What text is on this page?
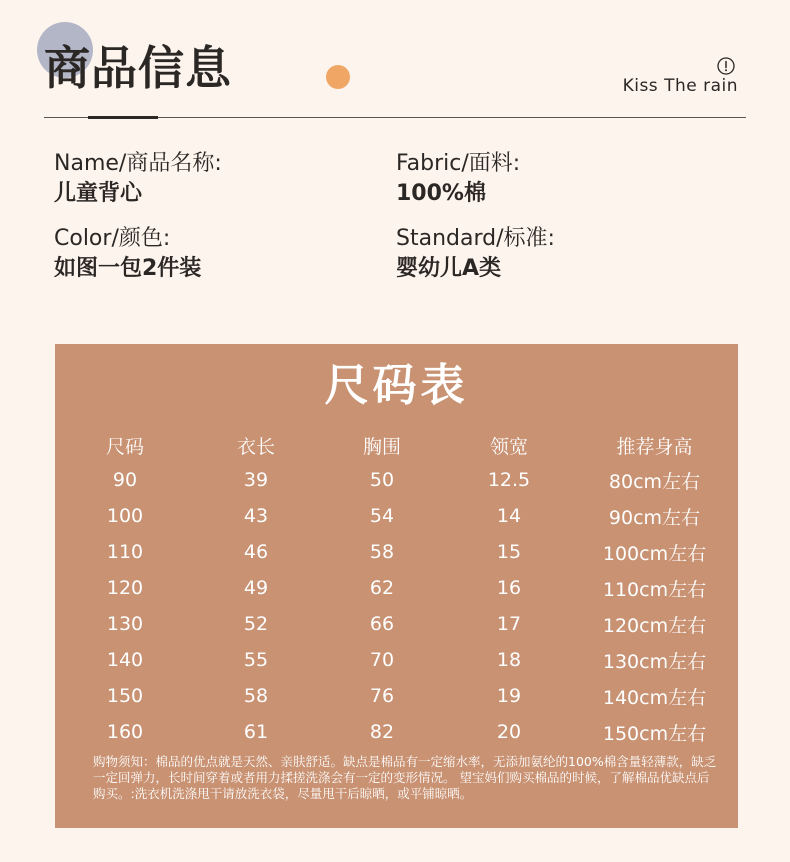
商品信息	Kiss The rain
Name/商品名称:
儿童背心
Fabric/面料:
100%棉
Color/颜色:
如图一包2件装
Standard/标准:
婴幼儿A类
尺码表
尺码	衣长	胸围	领宽	推荐身高
90	39	50	12.5	80cm左右
100	43	54	14	90cm左右
110	46	58	15	100cm左右
120	49	62	16	110cm左右
130	52	66	17	120cm左右
140	55	70	18	130cm左右
150	58	76	19	140cm左右
160	61	82	20	150cm左右
购物须知：棉品的优点就是天然、亲肤舒适。缺点是棉品有一定缩水率，无添加氨纶的100%棉含量轻薄款，缺乏一定回弹力，长时间穿着或者用力揉搓洗涤会有一定的变形情况。 望宝妈们购买棉品的时候，了解棉品优缺点后购买。:洗衣机洗涤甩干请放洗衣袋，尽量甩干后晾晒，或平铺晾晒。
